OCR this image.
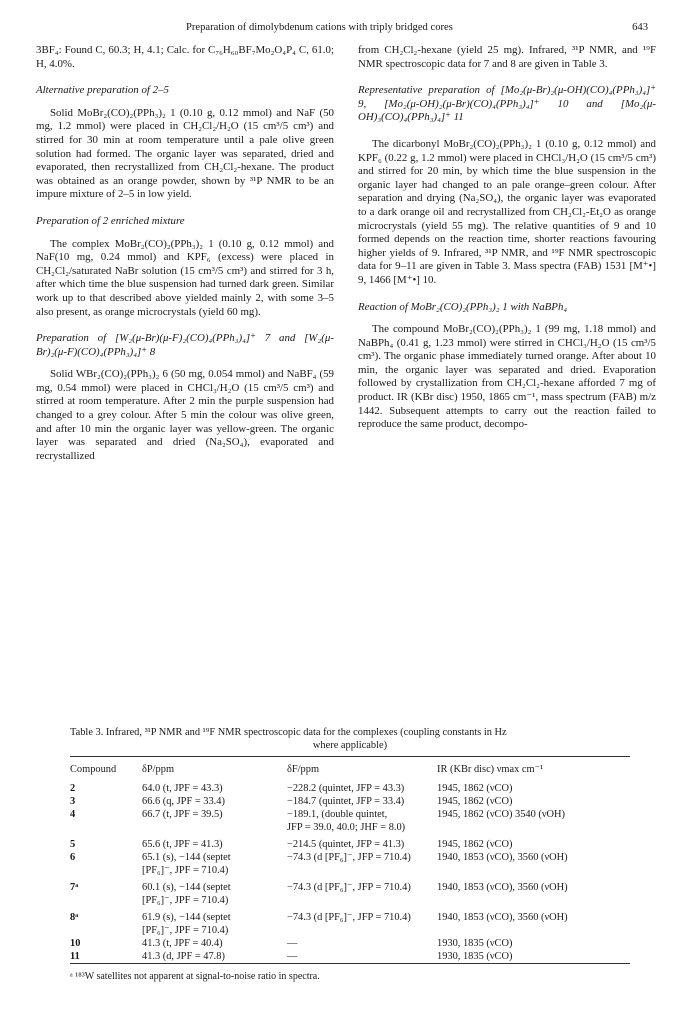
Preparation of dimolybdenum cations with triply bridged cores	643

3BF₄: Found C, 60.3; H, 4.1; Calc. for C₇₆H₆₀BF₇Mo₂O₄P₄ C, 61.0; H, 4.0%.

Alternative preparation of 2–5

Solid MoBr₂(CO)₂(PPh₃)₂ 1 (0.10 g, 0.12 mmol) and NaF (50 mg, 1.2 mmol) were placed in CH₂Cl₂/H₂O (15 cm³/5 cm³) and stirred for 30 min at room temperature until a pale olive green solution had formed. The organic layer was separated, dried and evaporated, then recrystallized from CH₂Cl₂-hexane. The product was obtained as an orange powder, shown by ³¹P NMR to be an impure mixture of 2–5 in low yield.

Preparation of 2 enriched mixture

The complex MoBr₂(CO)₂(PPh₃)₂ 1 (0.10 g, 0.12 mmol) and NaF(10 mg, 0.24 mmol) and KPF₆ (excess) were placed in CH₂Cl₂/saturated NaBr solution (15 cm³/5 cm³) and stirred for 3 h, after which time the blue suspension had turned dark green. Similar work up to that described above yielded mainly 2, with some 3–5 also present, as orange microcrystals (yield 60 mg).

Preparation of [W₂(μ-Br)(μ-F)₂(CO)₄(PPh₃)₄]⁺ 7 and [W₂(μ-Br)₂(μ-F)(CO)₄(PPh₃)₄]⁺ 8

Solid WBr₂(CO)₂(PPh₃)₂ 6 (50 mg, 0.054 mmol) and NaBF₄ (59 mg, 0.54 mmol) were placed in CHCl₃/H₂O (15 cm³/5 cm³) and stirred at room temperature. After 2 min the purple suspension had changed to a grey colour. After 5 min the colour was olive green, and after 10 min the organic layer was yellow-green. The organic layer was separated and dried (Na₂SO₄), evaporated and recrystallized

from CH₂Cl₂-hexane (yield 25 mg). Infrared, ³¹P NMR, and ¹⁹F NMR spectroscopic data for 7 and 8 are given in Table 3.

Representative preparation of [Mo₂(μ-Br)₂(μ-OH)(CO)₄(PPh₃)₄]⁺ 9, [Mo₂(μ-OH)₂(μ-Br)(CO)₄(PPh₃)₄]⁺ 10 and [Mo₂(μ-OH)₃(CO)₄(PPh₃)₄]⁺ 11

The dicarbonyl MoBr₂(CO)₂(PPh₃)₂ 1 (0.10 g, 0.12 mmol) and KPF₆ (0.22 g, 1.2 mmol) were placed in CHCl₃/H₂O (15 cm³/5 cm³) and stirred for 20 min, by which time the blue suspension in the organic layer had changed to an pale orange–green colour. After separation and drying (Na₂SO₄), the organic layer was evaporated to a dark orange oil and recrystallized from CH₂Cl₂-Et₂O as orange microcrystals (yield 55 mg). The relative quantities of 9 and 10 formed depends on the reaction time, shorter reactions favouring higher yields of 9. Infrared, ³¹P NMR, and ¹⁹F NMR spectroscopic data for 9–11 are given in Table 3. Mass spectra (FAB) 1531 [M⁺•] 9, 1466 [M⁺•] 10.

Reaction of MoBr₂(CO)₂(PPh₃)₂ 1 with NaBPh₄

The compound MoBr₂(CO)₂(PPh₃)₂ 1 (99 mg, 1.18 mmol) and NaBPh₄ (0.41 g, 1.23 mmol) were stirred in CHCl₃/H₂O (15 cm³/5 cm³). The organic phase immediately turned orange. After about 10 min, the organic layer was separated and dried. Evaporation followed by crystallization from CH₂Cl₂-hexane afforded 7 mg of product. IR (KBr disc) 1950, 1865 cm⁻¹, mass spectrum (FAB) m/z 1442. Subsequent attempts to carry out the reaction failed to reproduce the same product, decompo-

Table 3. Infrared, ³¹P NMR and ¹⁹F NMR spectroscopic data for the complexes (coupling constants in Hz
where applicable)

Compound	δP/ppm	δF/ppm	IR (KBr disc) νmax cm⁻¹
2	64.0 (t, JPF = 43.3)	−228.2 (quintet, JFP = 43.3)	1945, 1862 (νCO)
3	66.6 (q, JPF = 33.4)	−184.7 (quintet, JFP = 33.4)	1945, 1862 (νCO)
4	66.7 (t, JPF = 39.5)	−189.1, (double quintet,	1945, 1862 (νCO) 3540 (νOH)
		JFP = 39.0, 40.0; JHF = 8.0)	
5	65.6 (t, JPF = 41.3)	−214.5 (quintet, JFP = 41.3)	1945, 1862 (νCO)
6	65.1 (s), −144 (septet	−74.3 (d [PF₆]⁻, JFP = 710.4)	1940, 1853 (νCO), 3560 (νOH)
	[PF₆]⁻, JPF = 710.4)		
7ᵃ	60.1 (s), −144 (septet	−74.3 (d [PF₆]⁻, JFP = 710.4)	1940, 1853 (νCO), 3560 (νOH)
	[PF₆]⁻, JPF = 710.4)		
8ᵃ	61.9 (s), −144 (septet	−74.3 (d [PF₆]⁻, JFP = 710.4)	1940, 1853 (νCO), 3560 (νOH)
	[PF₆]⁻, JPF = 710.4)		
10	41.3 (t, JPF = 40.4)	—	1930, 1835 (νCO)
11	41.3 (d, JPF = 47.8)	—	1930, 1835 (νCO)

ᵃ ¹⁸³W satellites not apparent at signal-to-noise ratio in spectra.
